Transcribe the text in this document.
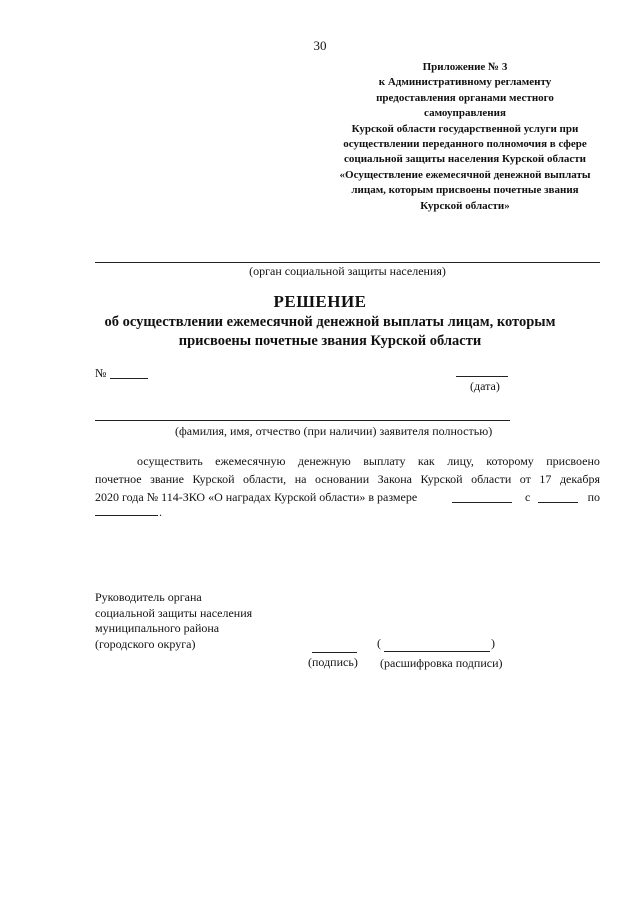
30
Приложение № 3
к Административному регламенту
предоставления органами местного
самоуправления
Курской области государственной услуги при
осуществлении переданного полномочия в сфере
социальной защиты населения Курской области
«Осуществление ежемесячной денежной выплаты
лицам, которым присвоены почетные звания
Курской области»
(орган социальной защиты населения)
РЕШЕНИЕ
об осуществлении ежемесячной денежной выплаты лицам, которым
присвоены почетные звания Курской области
№
(дата)
(фамилия, имя, отчество (при наличии) заявителя полностью)
осуществить ежемесячную денежную выплату как лицу, которому присвоено
почетное звание Курской области, на основании Закона Курской области от 17 декабря
2020 года № 114-ЗКО «О наградах Курской области» в размере	с	по
.
Руководитель органа
социальной защиты населения
муниципального района
(городского округа)
(подпись)
(	)
(расшифровка подписи)
